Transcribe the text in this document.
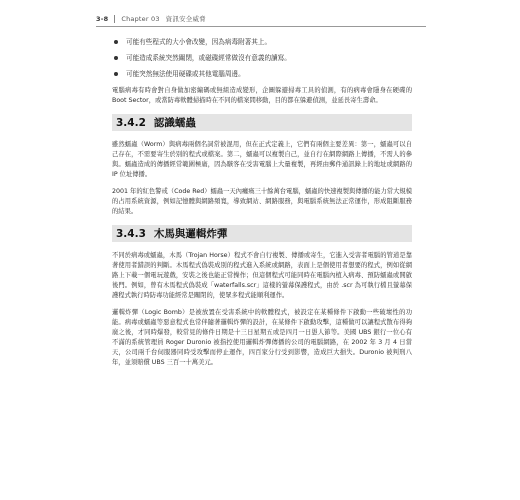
3-8 Chapter 03 資訊安全威脅
可能有些程式的大小會改變，因為病毒附著其上。
可能造成系統突然關閉，或磁碟經常做沒有意義的讀寫。
可能突然無法使用硬碟或其他電腦周邊。

電腦病毒有時會對自身做加密編碼或無組造成變形，企圖躲避掃毒工具的偵測，有的病毒會隱身在硬碟的 Boot Sector，或當防毒軟體掃描時在不同的檔案間移動，目的都在躲避偵測，並延長寄生壽命。

3.4.2 認識蠕蟲

雖然蠕蟲（Worm）與病毒兩個名詞常被混用，但在正式定義上，它們有兩個主要差異：第一，蠕蟲可以自己存在，不需要寄生於別的程式或檔案。第二，蠕蟲可以複製自己，並自行在網際網路上傳播，不需人的參與。蠕蟲造成的傳播經常範圍極廣，因為駭客在受害電腦上大量複製，再經由郵件通訊錄上的地址或網路的 IP 位址傳播。

2001 年的紅色警戒（Code Red）蠕蟲一天內癱瘓三十餘萬台電腦，蠕蟲的快速複製與傳播的能力常大規模的占用系統資源，例如記憶體與網路頻寬，導致網站、網路服務，與電腦系統無法正常運作，形成阻斷服務的結果。

3.4.3 木馬與邏輯炸彈

不同於病毒或蠕蟲，木馬（Trojan Horse）程式不會自行複製、傳播或寄生，它進入受害者電腦的管道是靠著使用者錯誤的判斷。木馬程式偽裝成別的程式進入系統或網路，表面上是個使用者想要的程式，例如從網路上下載一個電玩遊戲，安裝之後也能正常操作；但這個程式可能同時在電腦內植入病毒、預防蠕蟲或開啟後門。例如，曾有木馬程式偽裝成「waterfalls.scr」這樣的螢幕保護程式，由於 .scr 為可執行檔且螢幕保護程式執行時防毒功能經常是關閉的，使眾多程式能順利運作。

邏輯炸彈（Logic Bomb）是被放置在受害系統中的軟體程式，被設定在某種條件下啟動一些破壞性的功能。病毒或蠕蟲等惡意程式也常伴隨著邏輯炸彈的設計，在某條件下啟動攻擊，這種做可以讓程式散布得夠廣之後，才同時爆發，較常見的條件日期是十三日星期五或是四月一日愚人節等。美國 UBS 銀行一位心有不滿的系統管理員 Roger Duronio 被指控使用邏輯炸彈傳播的公司的電腦網路，在 2002 年 3 月 4 日當天，公司兩千台伺服器同時受攻擊而停止運作，四百家分行受到影響，造成巨大損失。Duronio 被判刑八年，並須賠償 UBS 三百一十萬美元。
